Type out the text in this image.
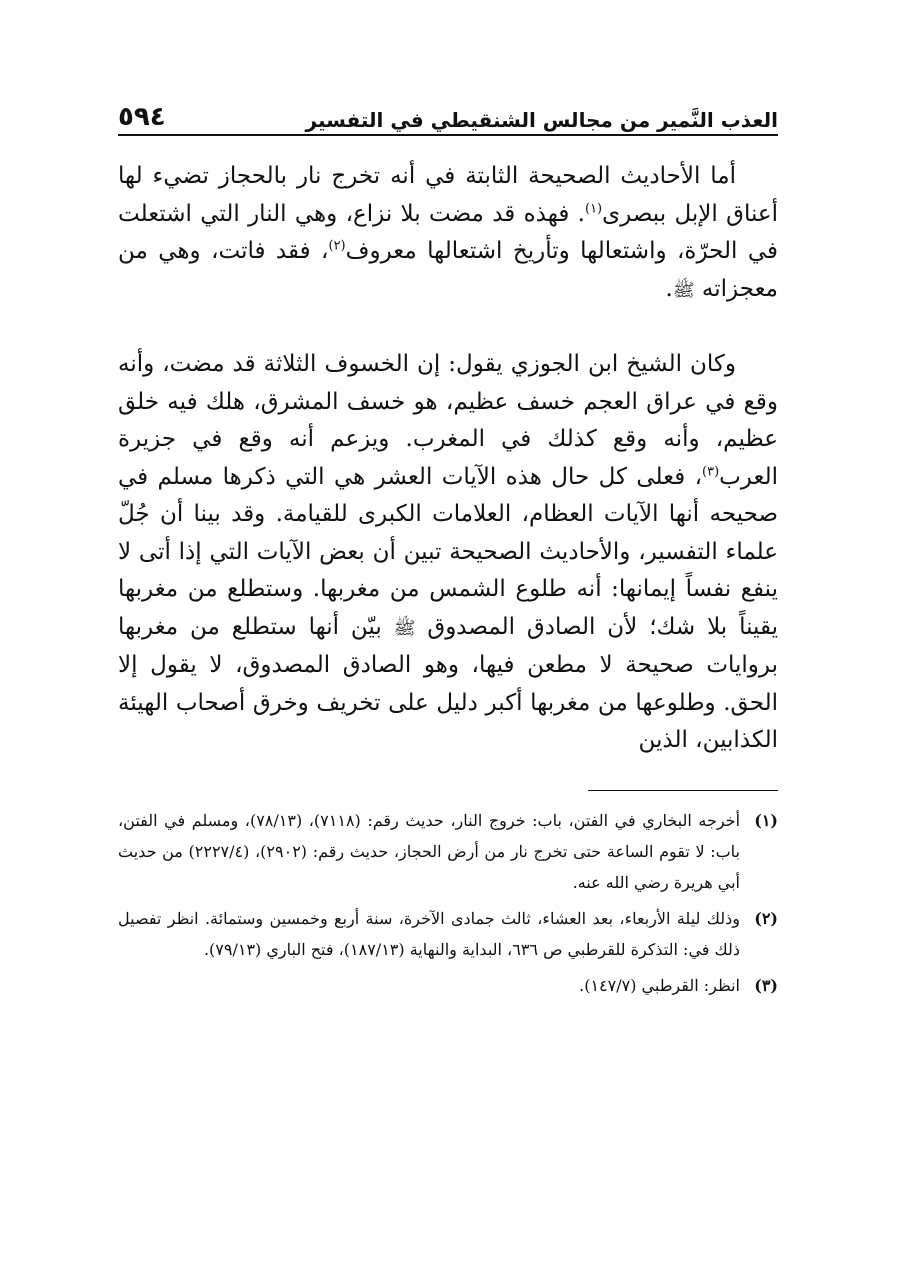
العذب النَّمير من مجالس الشنقيطي في التفسير
٥٩٤

أما الأحاديث الصحيحة الثابتة في أنه تخرج نار بالحجاز تضيء لها أعناق الإبل ببصرى$^{(١)}$. فهذه قد مضت بلا نزاع، وهي النار التي اشتعلت في الحرّة، واشتعالها وتأريخ اشتعالها معروف$^{(٢)}$، فقد فاتت، وهي من معجزاته ﷺ.

وكان الشيخ ابن الجوزي يقول: إن الخسوف الثلاثة قد مضت، وأنه وقع في عراق العجم خسف عظيم، هو خسف المشرق، هلك فيه خلق عظيم، وأنه وقع كذلك في المغرب. ويزعم أنه وقع في جزيرة العرب$^{(٣)}$، فعلى كل حال هذه الآيات العشر هي التي ذكرها مسلم في صحيحه أنها الآيات العظام، العلامات الكبرى للقيامة. وقد بينا أن جُلّ علماء التفسير، والأحاديث الصحيحة تبين أن بعض الآيات التي إذا أتى لا ينفع نفساً إيمانها: أنه طلوع الشمس من مغربها. وستطلع من مغربها يقيناً بلا شك؛ لأن الصادق المصدوق ﷺ بيّن أنها ستطلع من مغربها بروايات صحيحة لا مطعن فيها، وهو الصادق المصدوق، لا يقول إلا الحق. وطلوعها من مغربها أكبر دليل على تخريف وخرق أصحاب الهيئة الكذابين، الذين

(١)
أخرجه البخاري في الفتن، باب: خروج النار، حديث رقم: (٧١١٨)، (٧٨/١٣)، ومسلم في الفتن، باب: لا تقوم الساعة حتى تخرج نار من أرض الحجاز، حديث رقم: (٢٩٠٢)، (٢٢٢٧/٤) من حديث أبي هريرة رضي الله عنه.
(٢)
وذلك ليلة الأربعاء، بعد العشاء، ثالث جمادى الآخرة، سنة أربع وخمسين وستمائة. انظر تفصيل ذلك في: التذكرة للقرطبي ص ٦٣٦، البداية والنهاية (١٨٧/١٣)، فتح الباري (٧٩/١٣).
(٣)
انظر: القرطبي (١٤٧/٧).
